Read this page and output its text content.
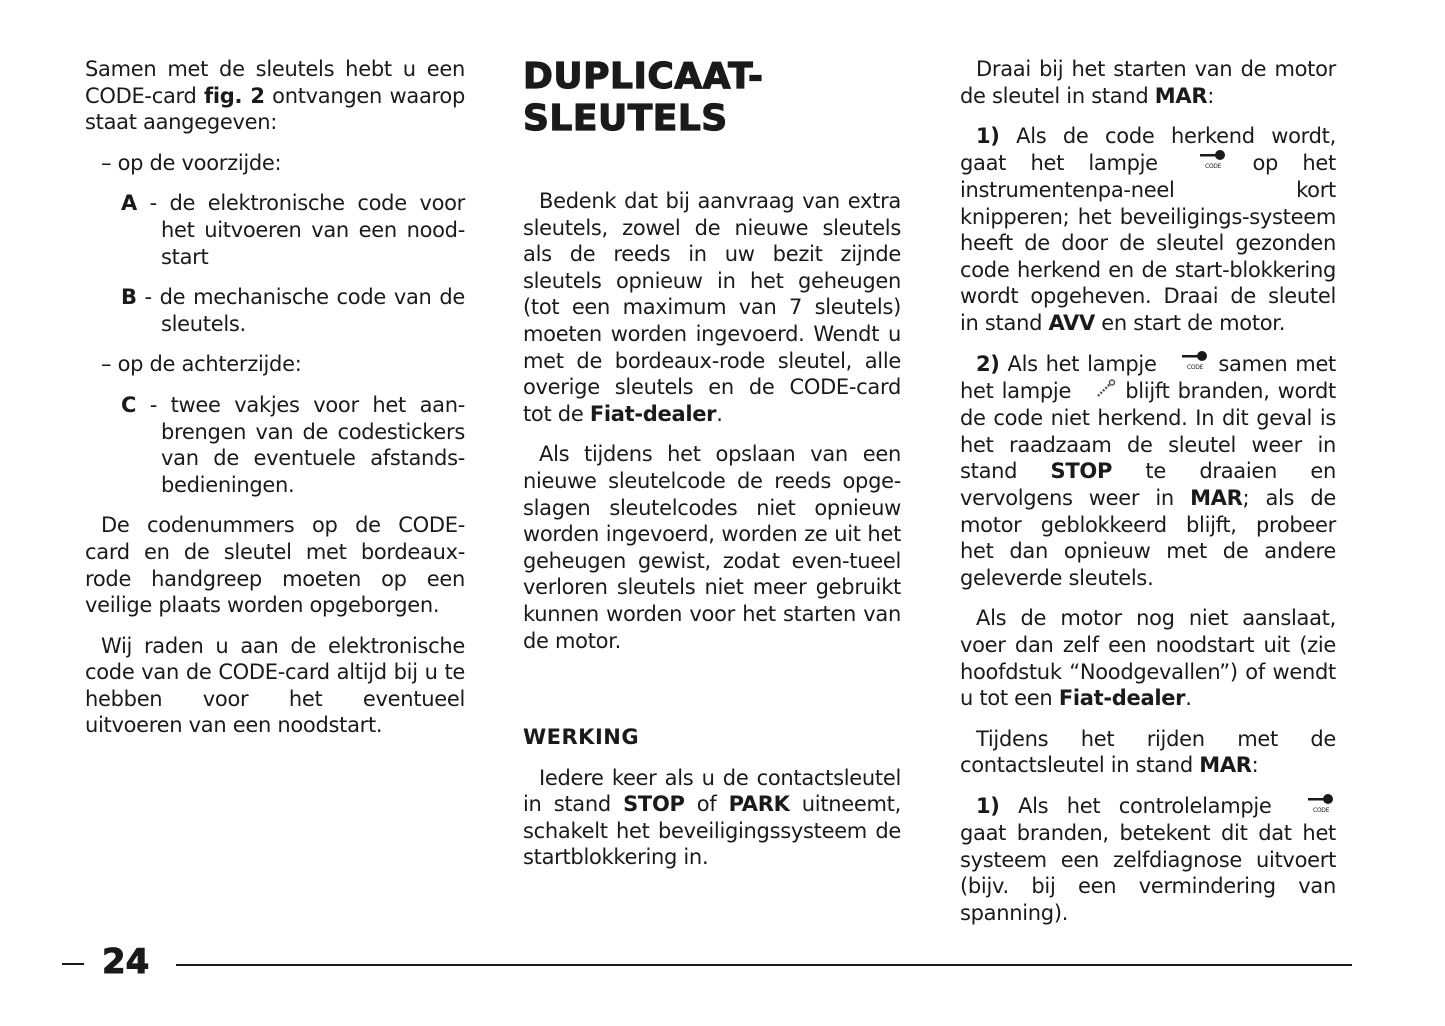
Samen met de sleutels hebt u een CODE-card fig. 2 ontvangen waarop staat aangegeven:

– op de voorzijde:

A - de elektronische code voor het uitvoeren van een nood-start

B - de mechanische code van de sleutels.

– op de achterzijde:

C - twee vakjes voor het aan-brengen van de codestickers van de eventuele afstands-bedieningen.

De codenummers op de CODE-card en de sleutel met bordeaux-rode handgreep moeten op een veilige plaats worden opgeborgen.

Wij raden u aan de elektronische code van de CODE-card altijd bij u te hebben voor het eventueel uitvoeren van een noodstart.

DUPLICAAT-
SLEUTELS

Bedenk dat bij aanvraag van extra sleutels, zowel de nieuwe sleutels als de reeds in uw bezit zijnde sleutels opnieuw in het geheugen (tot een maximum van 7 sleutels) moeten worden ingevoerd. Wendt u met de bordeaux-rode sleutel, alle overige sleutels en de CODE-card tot de Fiat-dealer.

Als tijdens het opslaan van een nieuwe sleutelcode de reeds opge-slagen sleutelcodes niet opnieuw worden ingevoerd, worden ze uit het geheugen gewist, zodat even-tueel verloren sleutels niet meer gebruikt kunnen worden voor het starten van de motor.

WERKING

Iedere keer als u de contactsleutel in stand STOP of PARK uitneemt, schakelt het beveiligingssysteem de startblokkering in.

Draai bij het starten van de motor de sleutel in stand MAR:

1) Als de code herkend wordt, gaat het lampje	CODE op het instrumentenpa-neel kort knipperen; het beveiligings-systeem heeft de door de sleutel gezonden code herkend en de start-blokkering wordt opgeheven. Draai de sleutel in stand AVV en start de motor.

2) Als het lampje	CODE samen met het lampje  blijft branden, wordt de code niet herkend. In dit geval is het raadzaam de sleutel weer in stand STOP te draaien en vervolgens weer in MAR; als de motor geblokkeerd blijft, probeer het dan opnieuw met de andere geleverde sleutels.

Als de motor nog niet aanslaat, voer dan zelf een noodstart uit (zie hoofdstuk “Noodgevallen”) of wendt u tot een Fiat-dealer.

Tijdens het rijden met de contactsleutel in stand MAR:

1) Als het controlelampje	CODE
gaat branden, betekent dit dat het systeem een zelfdiagnose uitvoert (bijv. bij een vermindering van spanning).

24
